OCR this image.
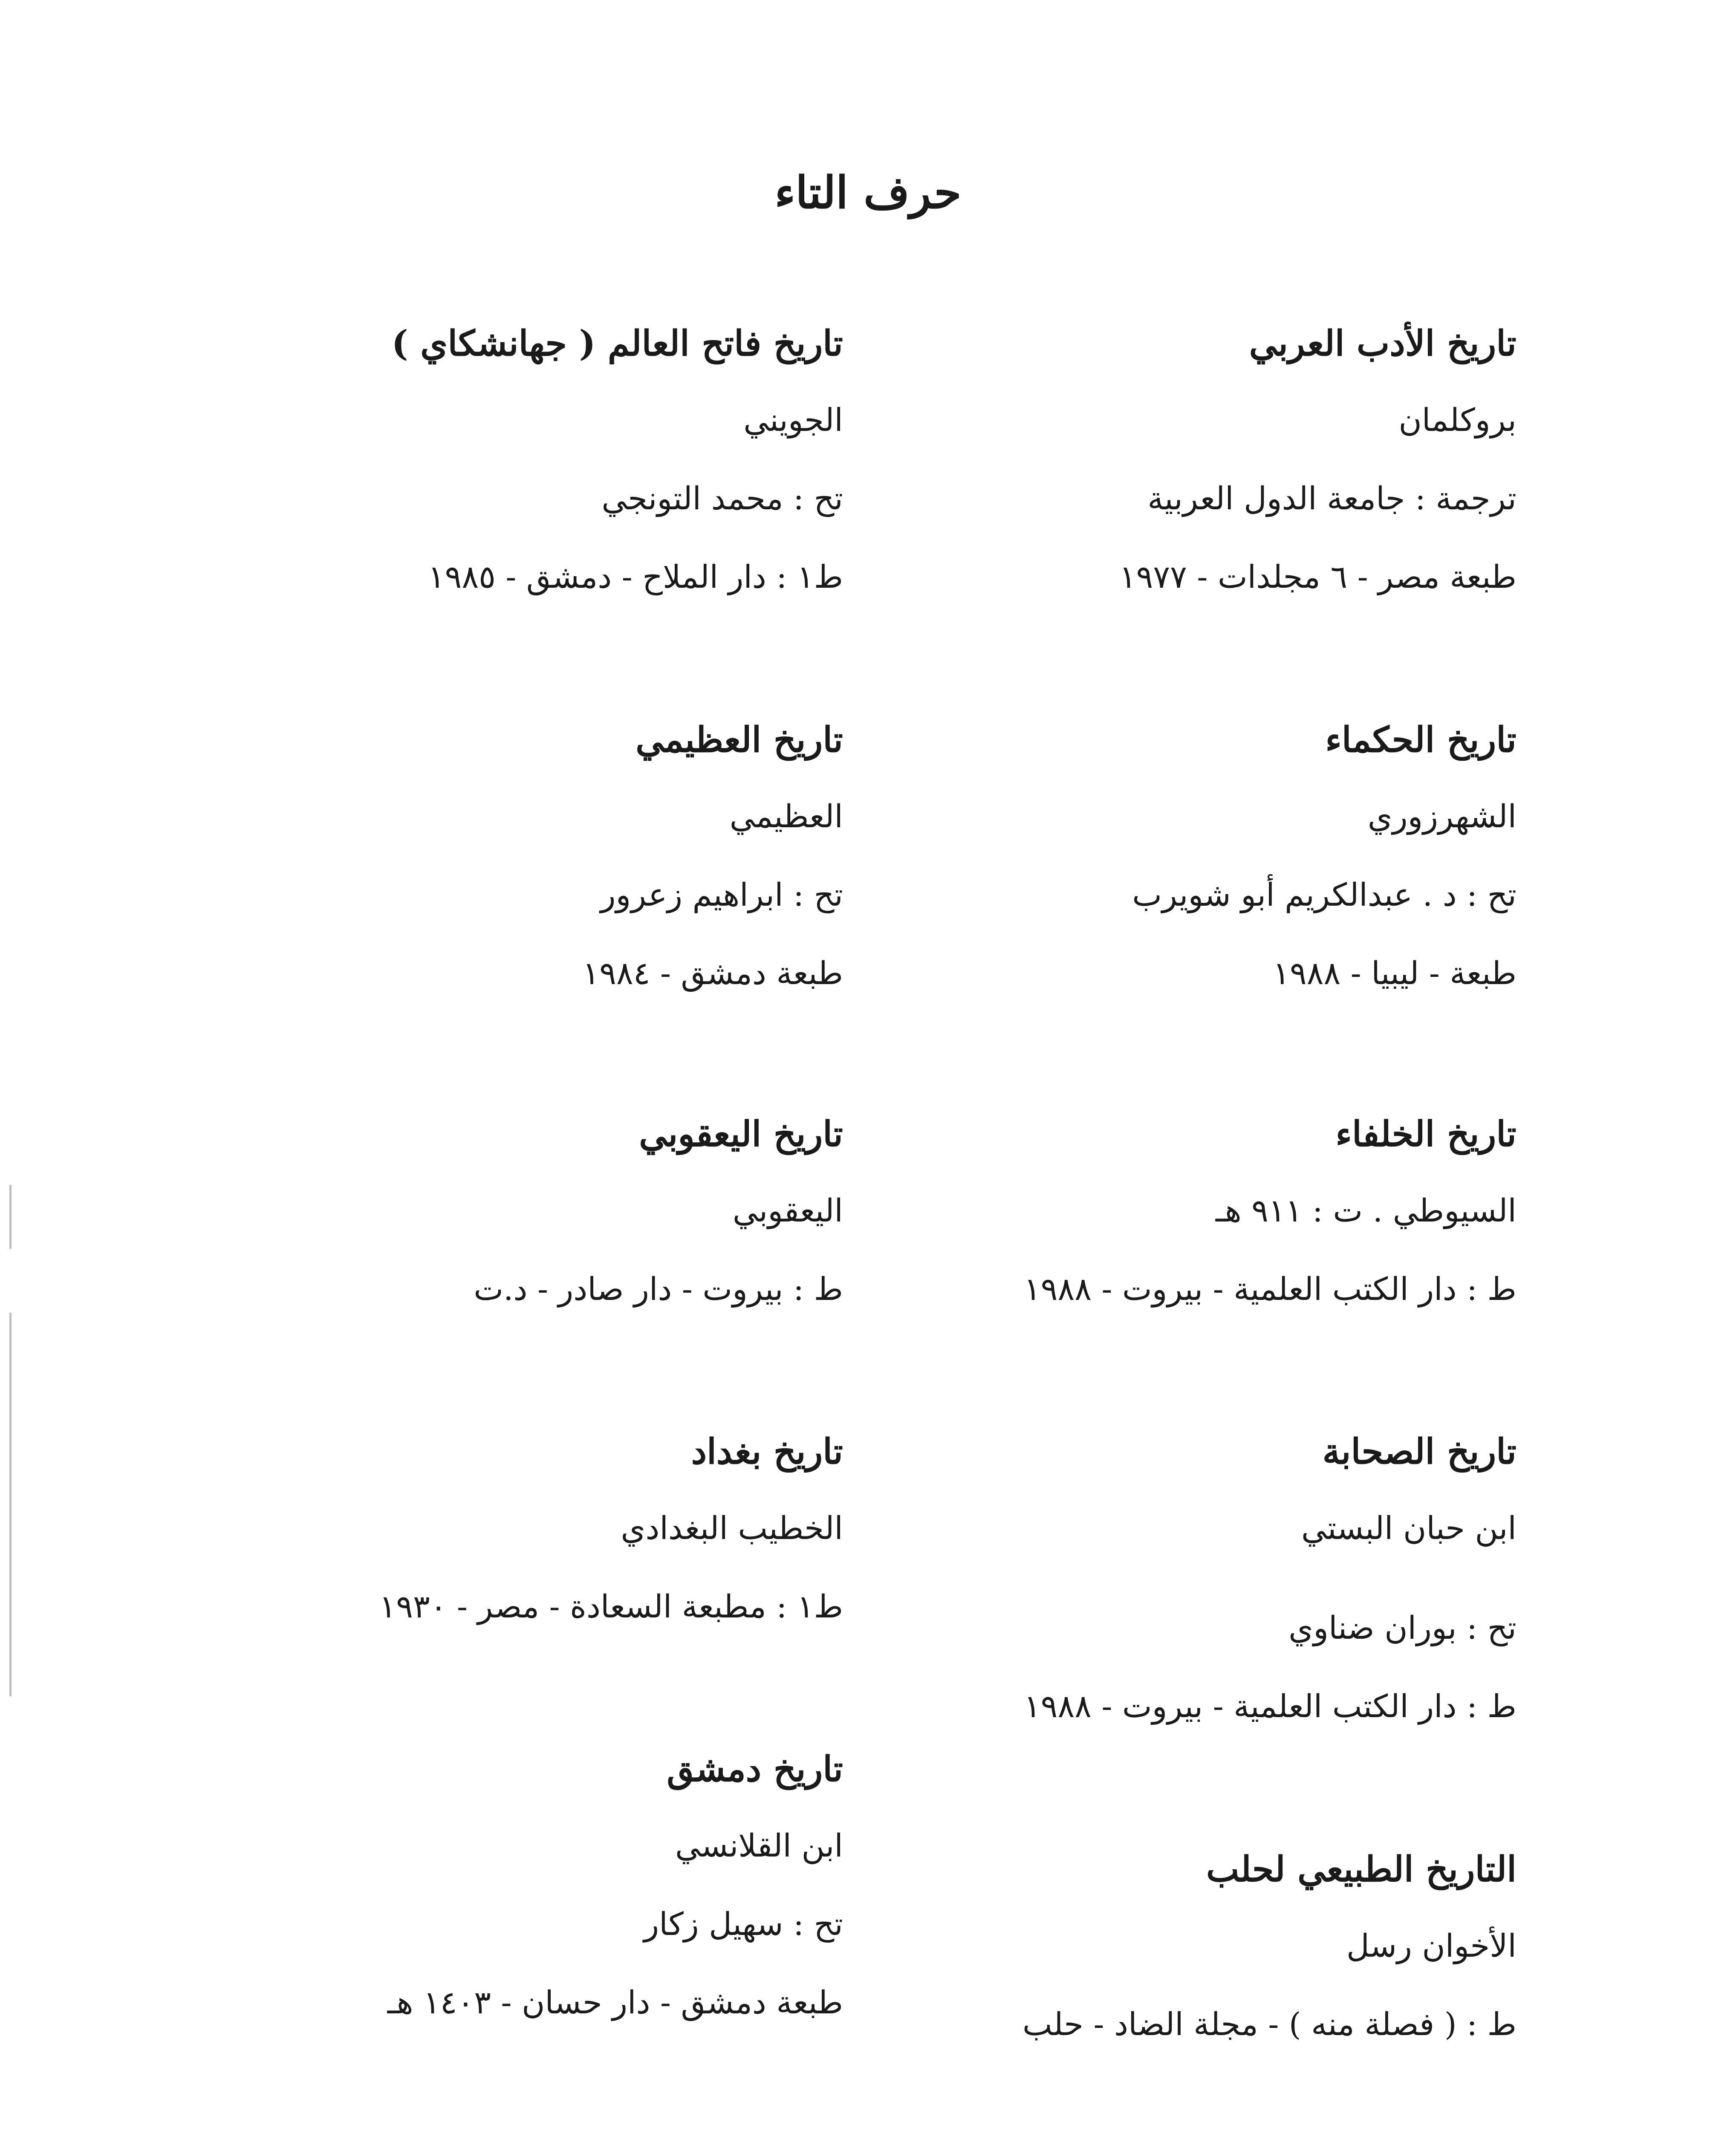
حرف التاء
تاريخ الأدب العربي
بروكلمان
ترجمة : جامعة الدول العربية
طبعة مصر - ٦ مجلدات - ١٩٧٧
تاريخ الحكماء
الشهرزوري
تح : د . عبدالكريم أبو شويرب
طبعة - ليبيا - ١٩٨٨
تاريخ الخلفاء
السيوطي . ت : ٩١١ هـ
ط : دار الكتب العلمية - بيروت - ١٩٨٨
تاريخ الصحابة
ابن حبان البستي
تح : بوران ضناوي
ط : دار الكتب العلمية - بيروت - ١٩٨٨
التاريخ الطبيعي لحلب
الأخوان رسل
ط : ( فصلة منه ) - مجلة الضاد - حلب
تاريخ فاتح العالم ( جهانشكاي )
الجويني
تح : محمد التونجي
ط١ : دار الملاح - دمشق - ١٩٨٥
تاريخ العظيمي
العظيمي
تح : ابراهيم زعرور
طبعة دمشق - ١٩٨٤
تاريخ اليعقوبي
اليعقوبي
ط : بيروت - دار صادر - د.ت
تاريخ بغداد
الخطيب البغدادي
ط١ : مطبعة السعادة - مصر - ١٩٣٠
تاريخ دمشق
ابن القلانسي
تح : سهيل زكار
طبعة دمشق - دار حسان - ١٤٠٣ هـ
